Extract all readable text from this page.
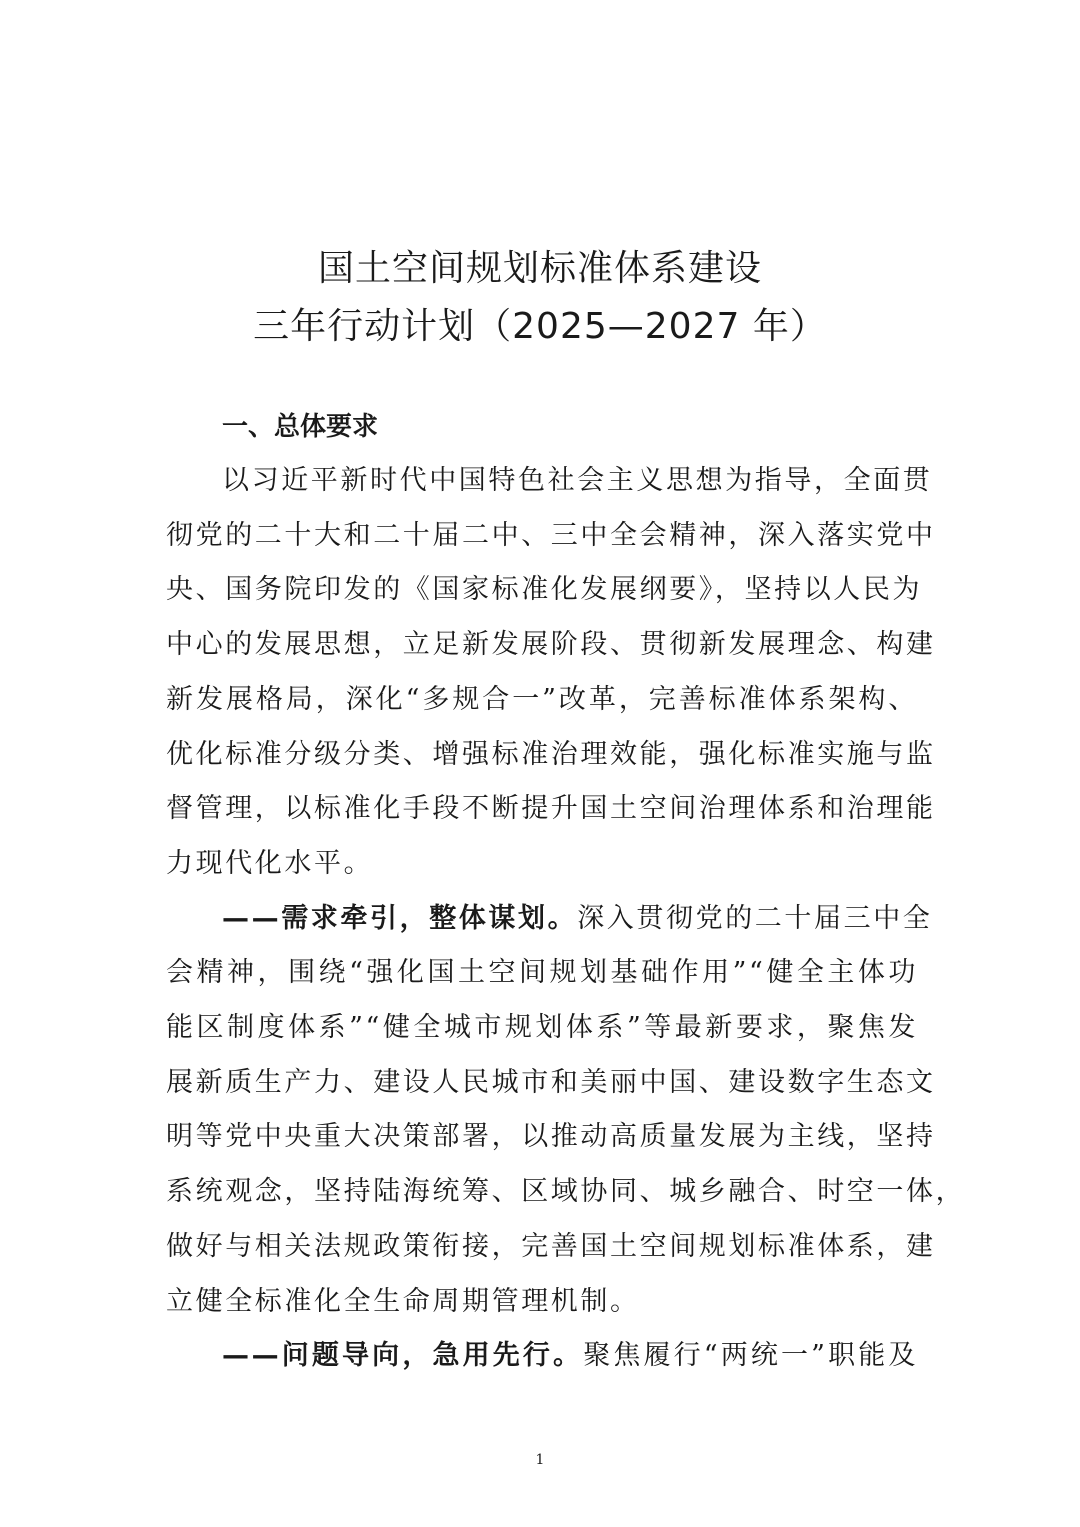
国土空间规划标准体系建设
三年行动计划（2025—2027 年）
一、总体要求

以习近平新时代中国特色社会主义思想为指导，全面贯
彻党的二十大和二十届二中、三中全会精神，深入落实党中
央、国务院印发的《国家标准化发展纲要》，坚持以人民为
中心的发展思想，立足新发展阶段、贯彻新发展理念、构建
新发展格局，深化“多规合一”改革，完善标准体系架构、
优化标准分级分类、增强标准治理效能，强化标准实施与监
督管理，以标准化手段不断提升国土空间治理体系和治理能
力现代化水平。

——需求牵引，整体谋划。深入贯彻党的二十届三中全
会精神，围绕“强化国土空间规划基础作用”“健全主体功
能区制度体系”“健全城市规划体系”等最新要求，聚焦发
展新质生产力、建设人民城市和美丽中国、建设数字生态文
明等党中央重大决策部署，以推动高质量发展为主线，坚持
系统观念，坚持陆海统筹、区域协同、城乡融合、时空一体，
做好与相关法规政策衔接，完善国土空间规划标准体系，建
立健全标准化全生命周期管理机制。

——问题导向，急用先行。聚焦履行“两统一”职能及

1
